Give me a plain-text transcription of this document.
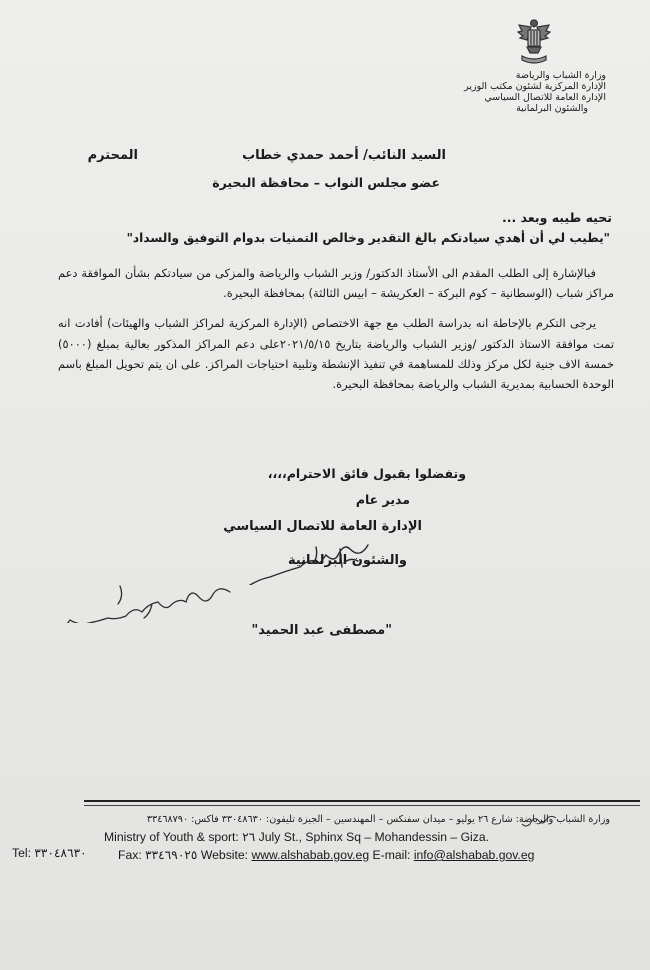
وزارة الشباب والرياضة
الإدارة المركزية لشئون مكتب الوزير
الإدارة العامة للاتصال السياسي
والشئون البرلمانية
السيد النائب/ أحمد حمدي خطاب
المحترم
عضو مجلس النواب – محافظة البحيرة
تحيه طيبه وبعد ...
"يطيب لي أن أهدي سيادتكم بالغ التقدير وخالص التمنيات بدوام التوفيق والسداد"

فبالإشارة إلى الطلب المقدم الى الأستاذ الدكتور/ وزير الشباب والرياضة والمزكى من سيادتكم بشأن الموافقة دعم مراكز شباب (الوسطانية – كوم البركة – العكريشة – ابيس الثالثة) بمحافظة البحيرة.

يرجى التكرم بالإحاطة انه بدراسة الطلب مع جهة الاختصاص (الإدارة المركزية لمراكز الشباب والهيئات) أفادت انه تمت موافقة الاستاذ الدكتور /وزير الشباب والرياضة بتاريخ ٢٠٢١/٥/١٥على دعم المراكز المذكور بعالية بمبلغ (٥٠٠٠) خمسة الاف جنية لكل مركز وذلك للمساهمة في تنفيذ الإنشطة وتلبية احتياجات المراكز. على ان يتم تحويل المبلغ باسم الوحدة الحسابية بمديرية الشباب والرياضة بمحافظة البحيرة.

وتفضلوا بقبول فائق الاحترام،،،،
مدير عام
الإدارة العامة للاتصال السياسي
والشئون البرلمانية
"مصطفى عبد الحميد"
وزارة الشباب والرياضة: شارع ٢٦ يوليو – ميدان سفنكس – المهندسين – الجيزة تليفون: ٣٣٠٤٨٦٣٠ فاكس: ٣٣٤٦٨٧٩٠
Ministry of Youth & sport: ٢٦ July St., Sphinx Sq – Mohandessin – Giza.
Tel: ٣٣٠٤٨٦٣٠	Fax: ٣٣٤٦٩٠٢٥ Website: www.alshabab.gov.eg E-mail: info@alshabab.gov.eg
